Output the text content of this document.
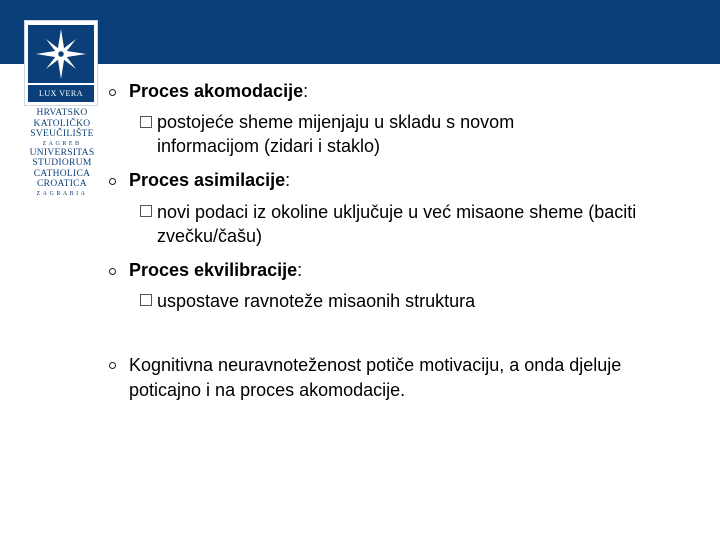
LUX VERA
HRVATSKO
KATOLIČKO
SVEUČILIŠTE
ZAGREB
UNIVERSITAS
STUDIORUM
CATHOLICA
CROATICA
ZAGRABIA
Proces akomodacije:
postojeće sheme mijenjaju u skladu s novom informacijom (zidari i staklo)
Proces asimilacije:
novi podaci iz okoline uključuje u već misaone sheme (baciti zvečku/čašu)
Proces ekvilibracije:
uspostave ravnoteže misaonih struktura
Kognitivna neuravnoteženost potiče motivaciju, a onda djeluje poticajno i na proces akomodacije.
